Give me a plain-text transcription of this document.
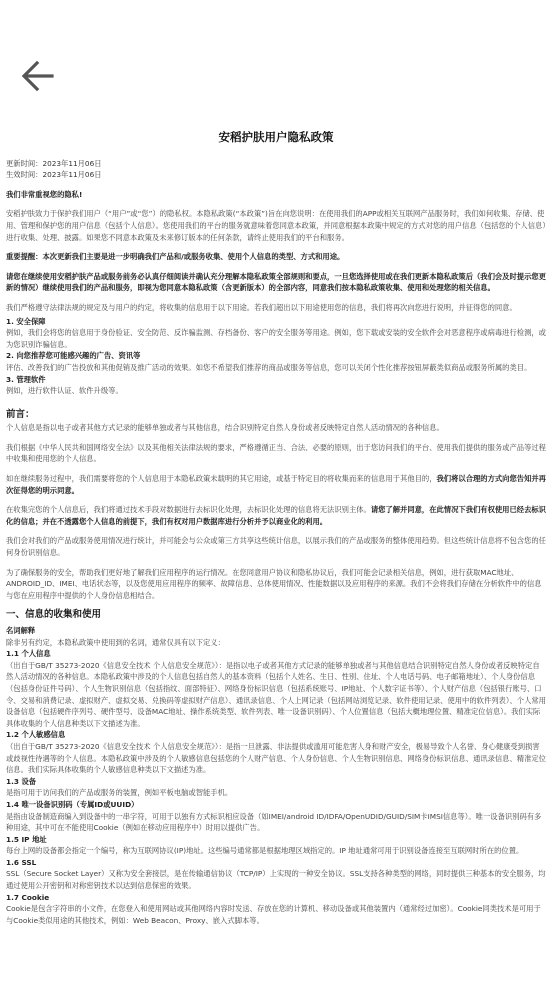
安稻护肤用户隐私政策
更新时间：2023年11月06日
生效时间：2023年11月06日

我们非常重视您的隐私!

安稻护肤致力于保护我们用户（“用户”或“您”）的隐私权。本隐私政策(“本政策”)旨在向您说明：在使用我们的APP或相关互联网产品服务时，我们如何收集、存储、使用、管理和保护您的用户信息（包括个人信息）。您使用我们的平台的服务就意味着您同意本政策，并同意根据本政策中规定的方式对您的用户信息（包括您的个人信息）进行收集、处理、披露。如果您不同意本政策及未来修订版本的任何条款，请终止使用我们的平台和服务。

重要提醒：本次更新我们主要是进一步明确我们产品和/或服务收集、使用个人信息的类型、方式和用途。

请您在继续使用安稻护肤产品或服务前务必认真仔细阅读并确认充分理解本隐私政策全部规则和要点，一旦您选择使用或在我们更新本隐私政策后（我们会及时提示您更新的情况）继续使用我们的产品和服务，即视为您同意本隐私政策（含更新版本）的全部内容，同意我们按本隐私政策收集、使用和处理您的相关信息。

我们严格遵守法律法规的规定及与用户的约定，将收集的信息用于以下用途。若我们超出以下用途使用您的信息，我们将再次向您进行说明，并征得您的同意。

1. 安全保障
例如，我们会将您的信息用于身份验证、安全防范、反诈骗监测、存档备份、客户的安全服务等用途。例如，您下载或安装的安全软件会对恶意程序或病毒进行检测，或为您识别诈骗信息。
2. 向您推荐您可能感兴趣的广告、资讯等
评估、改善我们的广告投放和其他促销及推广活动的效果。如您不希望我们推荐的商品或服务等信息，您可以关闭个性化推荐按钮屏蔽类似商品或服务所属的类目。
3. 管理软件
例如，进行软件认证、软件升级等。
前言：

个人信息是指以电子或者其他方式记录的能够单独或者与其他信息，结合识别特定自然人身份或者反映特定自然人活动情况的各种信息。

我们根据《中华人民共和国网络安全法》以及其他相关法律法规的要求，严格遵循正当、合法、必要的原则，出于您访问我们的平台、使用我们提供的服务或产品等过程中收集和使用您的个人信息。

如在继续服务过程中，我们需要将您的个人信息用于本隐私政策未载明的其它用途，或基于特定目的将收集而来的信息用于其他目的，我们将以合理的方式向您告知并再次征得您的明示同意。

在收集完您的个人信息后，我们将通过技术手段对数据进行去标识化处理，去标识化处理的信息将无法识别主体。请您了解并同意，在此情况下我们有权使用已经去标识化的信息；并在不透露您个人信息的前提下，我们有权对用户数据库进行分析并予以商业化的利用。

我们会对我们的产品或服务使用情况进行统计，并可能会与公众或第三方共享这些统计信息，以展示我们的产品或服务的整体使用趋势。但这些统计信息将不包含您的任何身份识别信息。

为了确保服务的安全，帮助我们更好地了解我们应用程序的运行情况。在您同意用户协议和隐私协议后，我们可能会记录相关信息，例如，进行获取MAC地址、ANDROID_ID、IMEI、电话状态等，以及您使用应用程序的频率、故障信息、总体使用情况、性能数据以及应用程序的来源。我们不会将我们存储在分析软件中的信息与您在应用程序中提供的个人身份信息相结合。

一、信息的收集和使用
名词解释
除非另有约定，本隐私政策中使用到的名词，通常仅具有以下定义：
1.1 个人信息
（出自于GB/T 35273-2020《信息安全技术 个人信息安全规范》）：是指以电子或者其他方式记录的能够单独或者与其他信息结合识别特定自然人身份或者反映特定自然人活动情况的各种信息。本隐私政策中涉及的个人信息包括自然人的基本资料（包括个人姓名、生日、性别、住址、个人电话号码、电子邮箱地址）、个人身份信息（包括身份证件号码）、个人生物识别信息（包括指纹、面部特征）、网络身份标识信息（包括系统账号、IP地址、个人数字证书等）、个人财产信息（包括银行账号、口令、交易和消费记录、虚拟财产、虚拟交易、兑换码等虚拟财产信息）、通讯录信息、个人上网记录（包括网站浏览记录、软件使用记录、使用中的软件列表）、个人常用设备信息（包括硬件序列号、硬件型号、设备MAC地址、操作系统类型、软件列表、唯一设备识别码）、个人位置信息（包括大概地理位置、精准定位信息）。我们实际具体收集的个人信息种类以下文描述为准。
1.2 个人敏感信息
（出自于GB/T 35273-2020《信息安全技术 个人信息安全规范》）：是指一旦泄露、非法提供或滥用可能危害人身和财产安全，极易导致个人名誉、身心健康受到损害或歧视性待遇等的个人信息。本隐私政策中涉及的个人敏感信息包括您的个人财产信息、个人身份信息、个人生物识别信息、网络身份标识信息、通讯录信息、精准定位信息。我们实际具体收集的个人敏感信息种类以下文描述为准。
1.3 设备
是指可用于访问我们的产品或服务的装置，例如平板电脑或智能手机。
1.4 唯一设备识别码（专属ID或UUID）
是指由设备制造商编入到设备中的一串字符，可用于以独有方式标识相应设备（如IMEI/android ID/IDFA/OpenUDID/GUID/SIM卡IMSI信息等）。唯一设备识别码有多种用途，其中可在不能使用Cookie（例如在移动应用程序中）时用以提供广告。
1.5 IP 地址
每台上网的设备都会指定一个编号，称为互联网协议(IP)地址。这些编号通常都是根据地理区域指定的。IP 地址通常可用于识别设备连接至互联网时所在的位置。
1.6 SSL
SSL（Secure Socket Layer）又称为安全套接层，是在传输通信协议（TCP/IP）上实现的一种安全协议。SSL支持各种类型的网络，同时提供三种基本的安全服务，均通过使用公开密钥和对称密钥技术以达到信息保密的效果。
1.7 Cookie
Cookie是包含字符串的小文件，在您登入和使用网站或其他网络内容时发送、存放在您的计算机、移动设备或其他装置内（通常经过加密）。Cookie同类技术是可用于与Cookie类似用途的其他技术，例如：Web Beacon、Proxy、嵌入式脚本等。
